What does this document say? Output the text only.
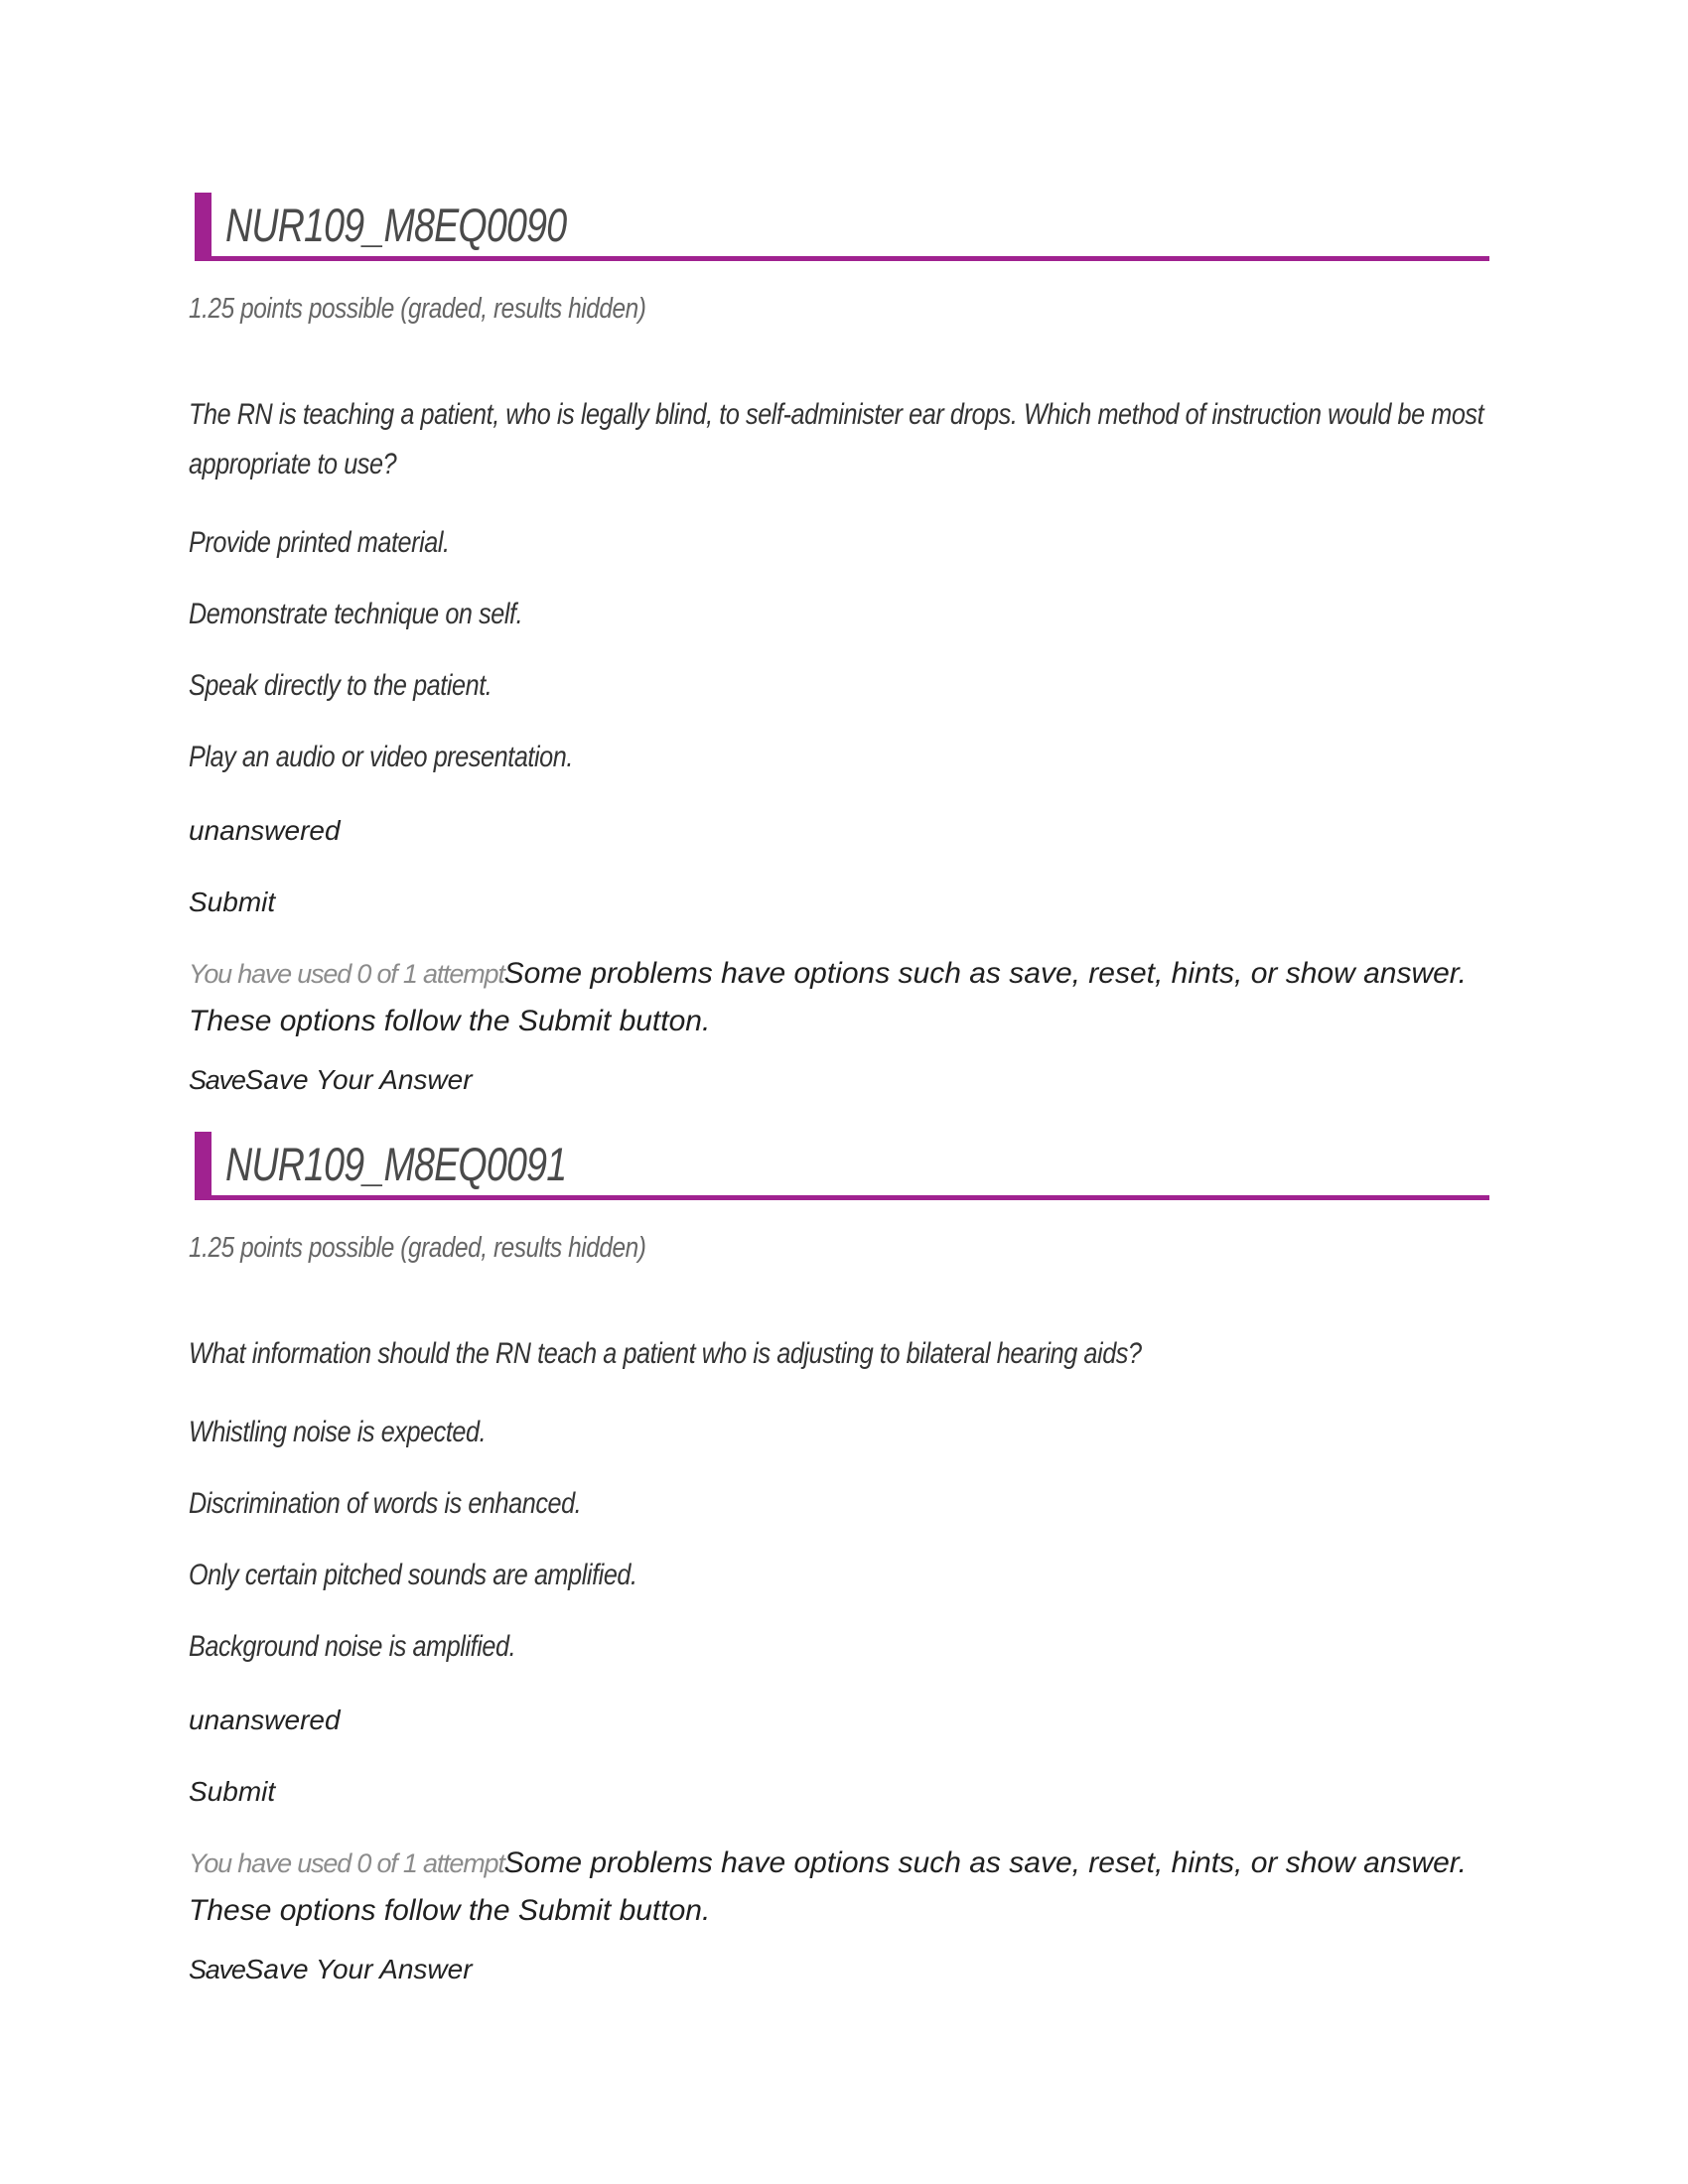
NUR109_M8EQ0090

1.25 points possible (graded, results hidden)

The RN is teaching a patient, who is legally blind, to self-administer ear drops. Which method of instruction would be most appropriate to use?

Provide printed material.

Demonstrate technique on self.

Speak directly to the patient.

Play an audio or video presentation.

unanswered

Submit

You have used 0 of 1 attemptSome problems have options such as save, reset, hints, or show answer. These options follow the Submit button.

SaveSave Your Answer

NUR109_M8EQ0091

1.25 points possible (graded, results hidden)

What information should the RN teach a patient who is adjusting to bilateral hearing aids?

Whistling noise is expected.

Discrimination of words is enhanced.

Only certain pitched sounds are amplified.

Background noise is amplified.

unanswered

Submit

You have used 0 of 1 attemptSome problems have options such as save, reset, hints, or show answer. These options follow the Submit button.

SaveSave Your Answer
